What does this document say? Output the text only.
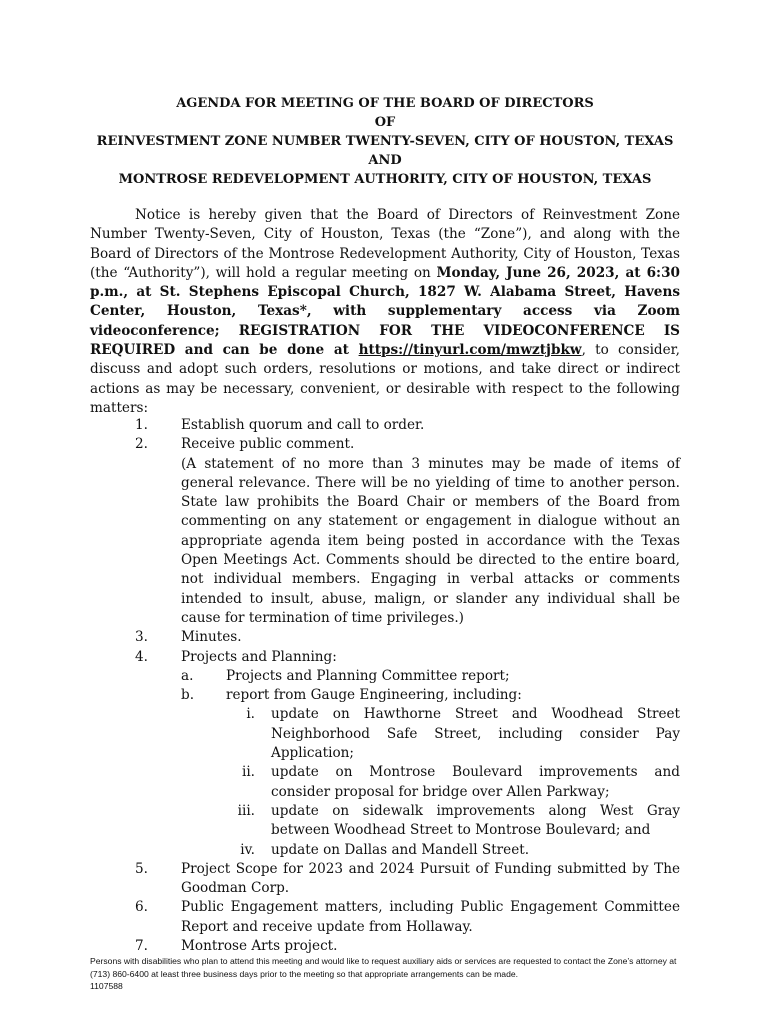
AGENDA FOR MEETING OF THE BOARD OF DIRECTORS
OF
REINVESTMENT ZONE NUMBER TWENTY-SEVEN, CITY OF HOUSTON, TEXAS
AND
MONTROSE REDEVELOPMENT AUTHORITY, CITY OF HOUSTON, TEXAS

Notice is hereby given that the Board of Directors of Reinvestment Zone Number Twenty-Seven, City of Houston, Texas (the “Zone”), and along with the Board of Directors of the Montrose Redevelopment Authority, City of Houston, Texas (the “Authority”), will hold a regular meeting on Monday, June 26, 2023, at 6:30 p.m., at St. Stephens Episcopal Church, 1827 W. Alabama Street, Havens Center, Houston, Texas*, with supplementary access via Zoom videoconference; REGISTRATION FOR THE VIDEOCONFERENCE IS REQUIRED and can be done at https://tinyurl.com/mwztjbkw, to consider, discuss and adopt such orders, resolutions or motions, and take direct or indirect actions as may be necessary, convenient, or desirable with respect to the following matters:

1. Establish quorum and call to order.
2. Receive public comment.
(A statement of no more than 3 minutes may be made of items of general relevance. There will be no yielding of time to another person. State law prohibits the Board Chair or members of the Board from commenting on any statement or engagement in dialogue without an appropriate agenda item being posted in accordance with the Texas Open Meetings Act. Comments should be directed to the entire board, not individual members. Engaging in verbal attacks or comments intended to insult, abuse, malign, or slander any individual shall be cause for termination of time privileges.)
3. Minutes.
4. Projects and Planning:
a. Projects and Planning Committee report;
b. report from Gauge Engineering, including:
i. update on Hawthorne Street and Woodhead Street Neighborhood Safe Street, including consider Pay Application;
ii. update on Montrose Boulevard improvements and consider proposal for bridge over Allen Parkway;
iii. update on sidewalk improvements along West Gray between Woodhead Street to Montrose Boulevard; and
iv. update on Dallas and Mandell Street.
5. Project Scope for 2023 and 2024 Pursuit of Funding submitted by The Goodman Corp.
6. Public Engagement matters, including Public Engagement Committee Report and receive update from Hollaway.
7. Montrose Arts project.
Persons with disabilities who plan to attend this meeting and would like to request auxiliary aids or services are requested to contact the Zone’s attorney at (713) 860-6400 at least three business days prior to the meeting so that appropriate arrangements can be made.
1107588
